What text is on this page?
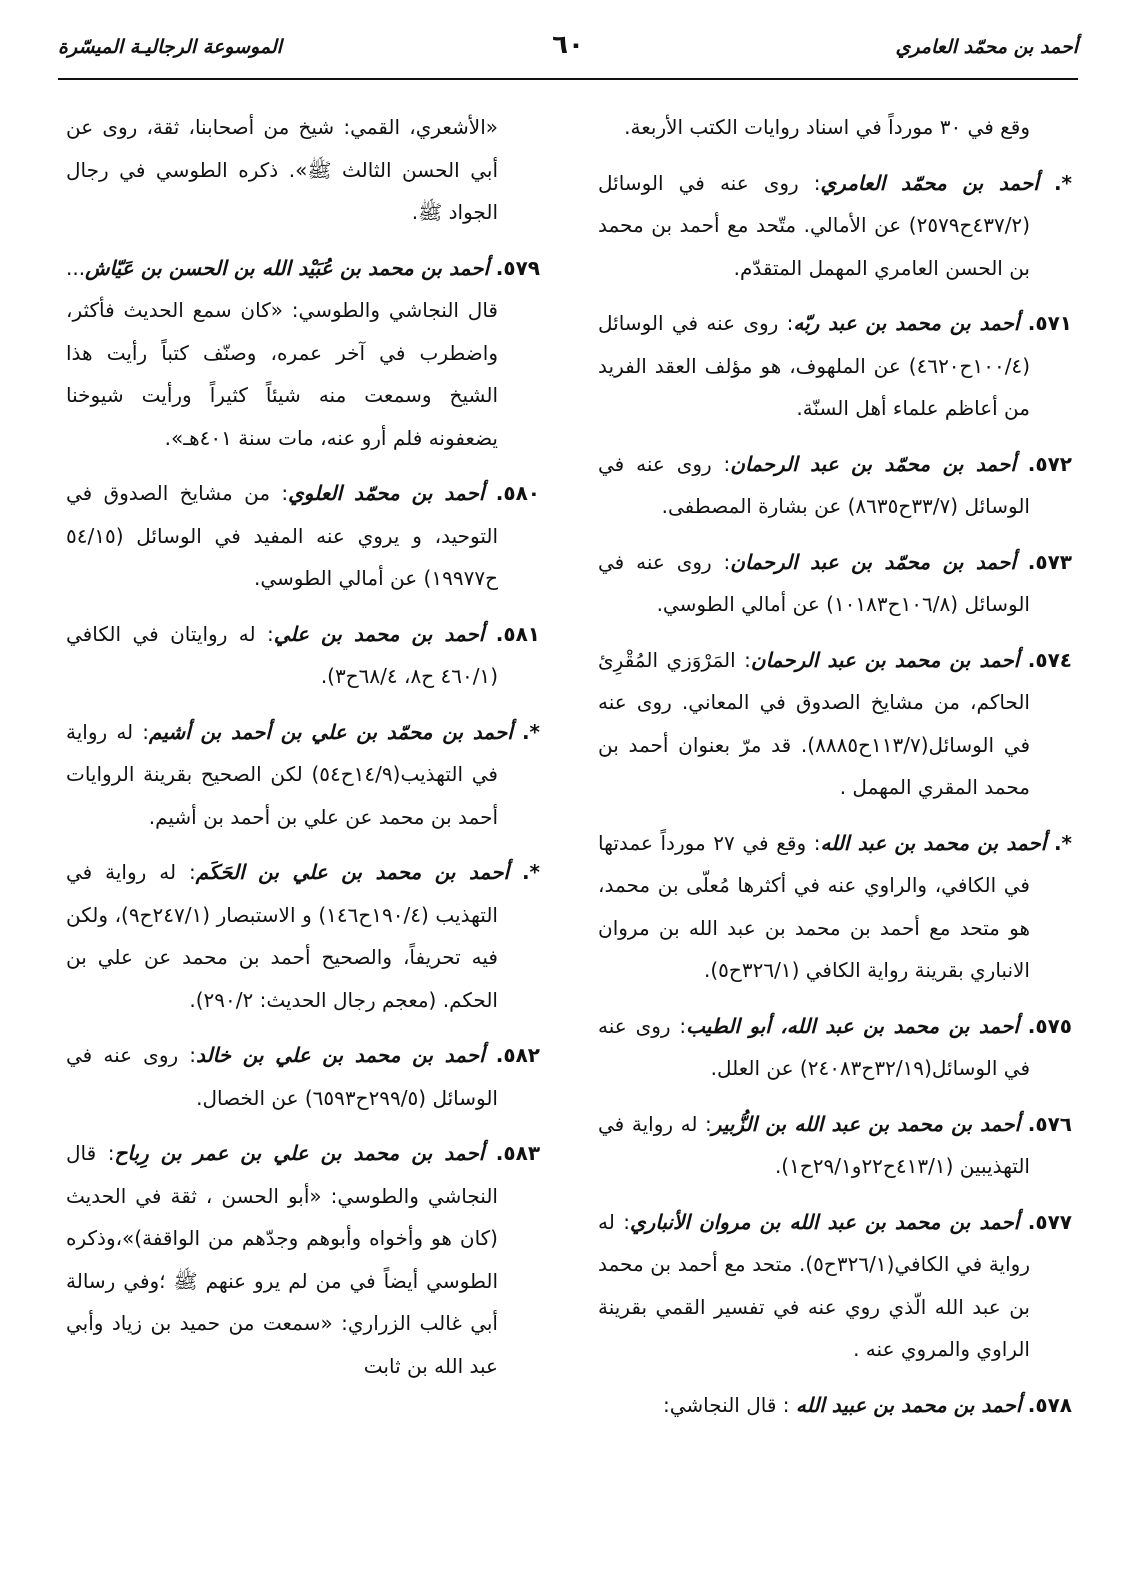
أحمد بن محمّد العامري
٦٠
الموسوعة الرجاليـة الميسّرة

وقع في ٣٠ مورداً في اسناد روايات الكتب الأربعة.

*. أحمد بن محمّد العامري: روى عنه في الوسائل (٤٣٧/٢ح٢٥٧٩) عن الأمالي. متّحد مع أحمد بن محمد بن الحسن العامري المهمل المتقدّم.

٥٧١. أحمد بن محمد بن عبد ربّه: روى عنه في الوسائل (١٠٠/٤ح٤٦٢٠) عن الملهوف، هو مؤلف العقد الفريد من أعاظم علماء أهل السنّة.

٥٧٢. أحمد بن محمّد بن عبد الرحمان: روى عنه في الوسائل (٣٣/٧ح٨٦٣٥) عن بشارة المصطفى.

٥٧٣. أحمد بن محمّد بن عبد الرحمان: روى عنه في الوسائل (١٠٦/٨ح١٠١٨٣) عن أمالي الطوسي.

٥٧٤. أحمد بن محمد بن عبد الرحمان: المَرْوَزي المُقْرِئ الحاكم، من مشايخ الصدوق في المعاني. روى عنه في الوسائل(١١٣/٧ح٨٨٨٥). قد مرّ بعنوان أحمد بن محمد المقري المهمل .

*. أحمد بن محمد بن عبد الله: وقع في ٢٧ مورداً عمدتها في الكافي، والراوي عنه في أكثرها مُعلّى بن محمد، هو متحد مع أحمد بن محمد بن عبد الله بن مروان الانباري بقرينة رواية الكافي (٣٢٦/١ح٥).

٥٧٥. أحمد بن محمد بن عبد الله، أبو الطيب: روى عنه في الوسائل(٣٢/١٩ح٢٤٠٨٣) عن العلل.

٥٧٦. أحمد بن محمد بن عبد الله بن الزُّبير: له رواية في التهذيبين (٤١٣/١ح٢٢و٢٩/١ح١).

٥٧٧. أحمد بن محمد بن عبد الله بن مروان الأنباري: له رواية في الكافي(٣٢٦/١ح٥). متحد مع أحمد بن محمد بن عبد الله الّذي روي عنه في تفسير القمي بقرينة الراوي والمروي عنه .

٥٧٨. أحمد بن محمد بن عبيد الله : قال النجاشي:

«الأشعري، القمي: شيخ من أصحابنا، ثقة، روى عن أبي الحسن الثالث ﷺ». ذكره الطوسي في رجال الجواد ﷺ.

٥٧٩. أحمد بن محمد بن عُبَيْد الله بن الحسن بن عَيّاش... قال النجاشي والطوسي: «كان سمع الحديث فأكثر، واضطرب في آخر عمره، وصنّف كتباً رأيت هذا الشيخ وسمعت منه شيئاً كثيراً ورأيت شيوخنا يضعفونه فلم أرو عنه، مات سنة ٤٠١هـ».

٥٨٠. أحمد بن محمّد العلوي: من مشايخ الصدوق في التوحيد، و يروي عنه المفيد في الوسائل (٥٤/١٥ ح١٩٩٧٧) عن أمالي الطوسي.

٥٨١. أحمد بن محمد بن علي: له روايتان في الكافي (٤٦٠/١ ح٨، ٦٨/٤ح٣).

*. أحمد بن محمّد بن علي بن أحمد بن أشيم: له رواية في التهذيب(١٤/٩ح٥٤) لكن الصحيح بقرينة الروايات أحمد بن محمد عن علي بن أحمد بن أشيم.

*. أحمد بن محمد بن علي بن الحَكَم: له رواية في التهذيب (١٩٠/٤ح١٤٦) و الاستبصار (٢٤٧/١ح٩)، ولكن فيه تحريفاً، والصحيح أحمد بن محمد عن علي بن الحكم. (معجم رجال الحديث: ٢٩٠/٢).

٥٨٢. أحمد بن محمد بن علي بن خالد: روى عنه في الوسائل (٢٩٩/٥ح٦٥٩٣) عن الخصال.

٥٨٣. أحمد بن محمد بن علي بن عمر بن رِباح: قال النجاشي والطوسي: «أبو الحسن ، ثقة في الحديث (كان هو وأخواه وأبوهم وجدّهم من الواقفة)»،وذكره الطوسي أيضاً في من لم يرو عنهم ﷺ ؛وفي رسالة أبي غالب الزراري: «سمعت من حميد بن زياد وأبي عبد الله بن ثابت
